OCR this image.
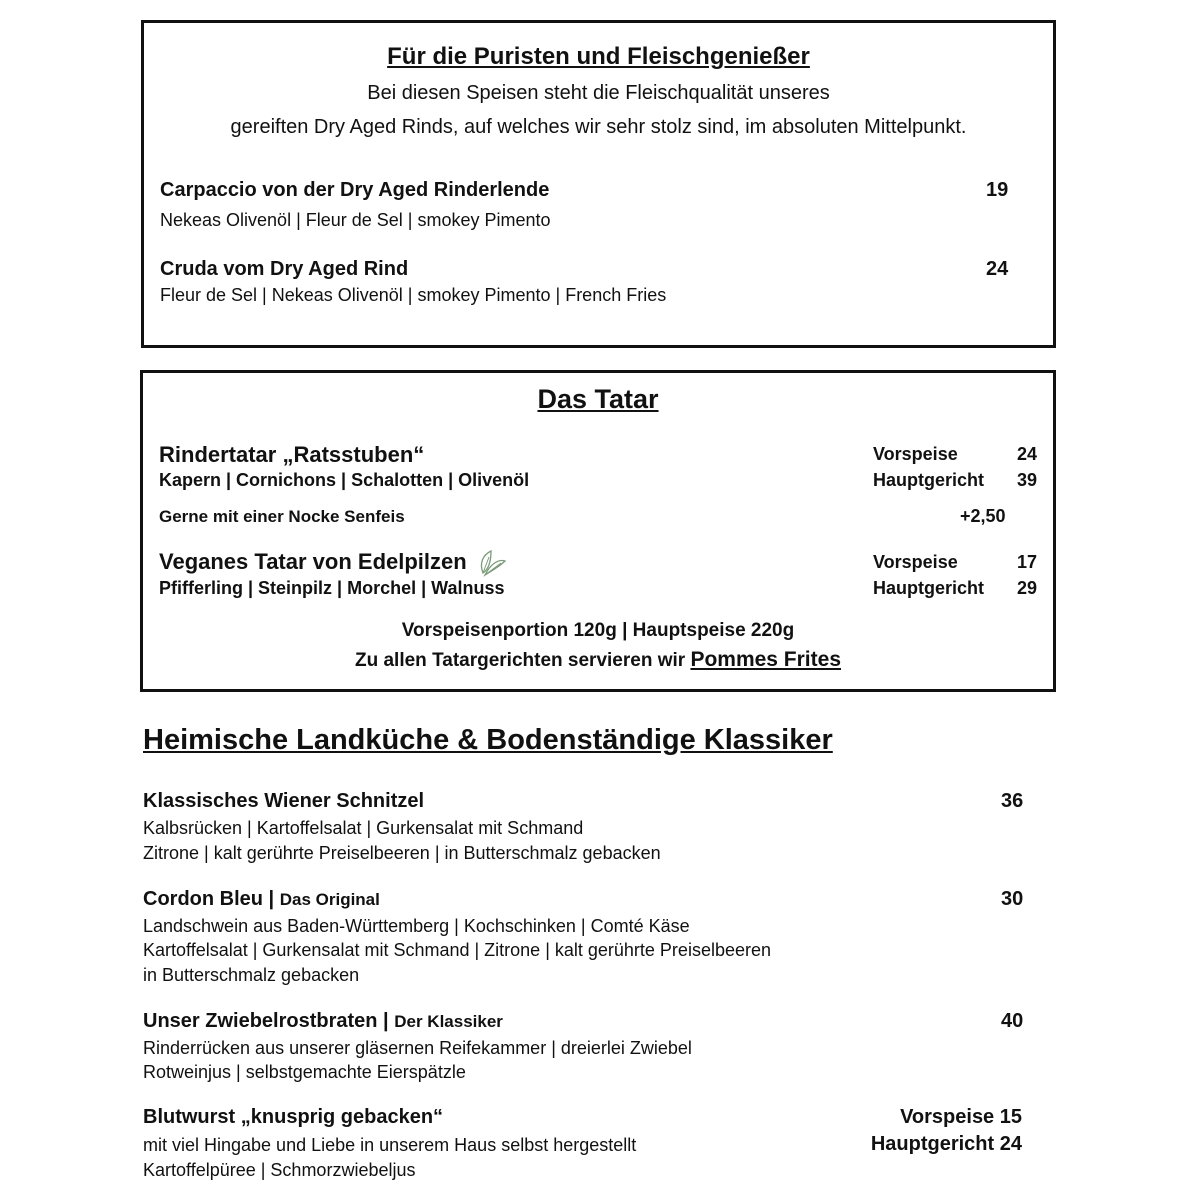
Für die Puristen und Fleischgenießer
Bei diesen Speisen steht die Fleischqualität unseres
gereiften Dry Aged Rinds, auf welches wir sehr stolz sind, im absoluten Mittelpunkt.
Carpaccio von der Dry Aged Rinderlende	19
Nekeas Olivenöl | Fleur de Sel | smokey Pimento
Cruda vom Dry Aged Rind	24
Fleur de Sel | Nekeas Olivenöl | smokey Pimento | French Fries
Das Tatar
Rindertatar „Ratsstuben“
Kapern | Cornichons | Schalotten | Olivenöl
Vorspeise	24
Hauptgericht 39
Gerne mit einer Nocke Senfeis	+2,50
Veganes Tatar von Edelpilzen
Pfifferling | Steinpilz | Morchel | Walnuss
Vorspeise	17
Hauptgericht 29
Vorspeisenportion 120g | Hauptspeise 220g
Zu allen Tatargerichten servieren wir Pommes Frites
Heimische Landküche & Bodenständige Klassiker
Klassisches Wiener Schnitzel	36
Kalbsrücken | Kartoffelsalat | Gurkensalat mit Schmand
Zitrone | kalt gerührte Preiselbeeren | in Butterschmalz gebacken
Cordon Bleu | Das Original	30
Landschwein aus Baden-Württemberg | Kochschinken | Comté Käse
Kartoffelsalat | Gurkensalat mit Schmand | Zitrone | kalt gerührte Preiselbeeren
in Butterschmalz gebacken
Unser Zwiebelrostbraten | Der Klassiker	40
Rinderrücken aus unserer gläsernen Reifekammer | dreierlei Zwiebel
Rotweinjus | selbstgemachte Eierspätzle
Blutwurst „knusprig gebacken“	Vorspeise 15
Hauptgericht 24
mit viel Hingabe und Liebe in unserem Haus selbst hergestellt
Kartoffelpüree | Schmorzwiebeljus
